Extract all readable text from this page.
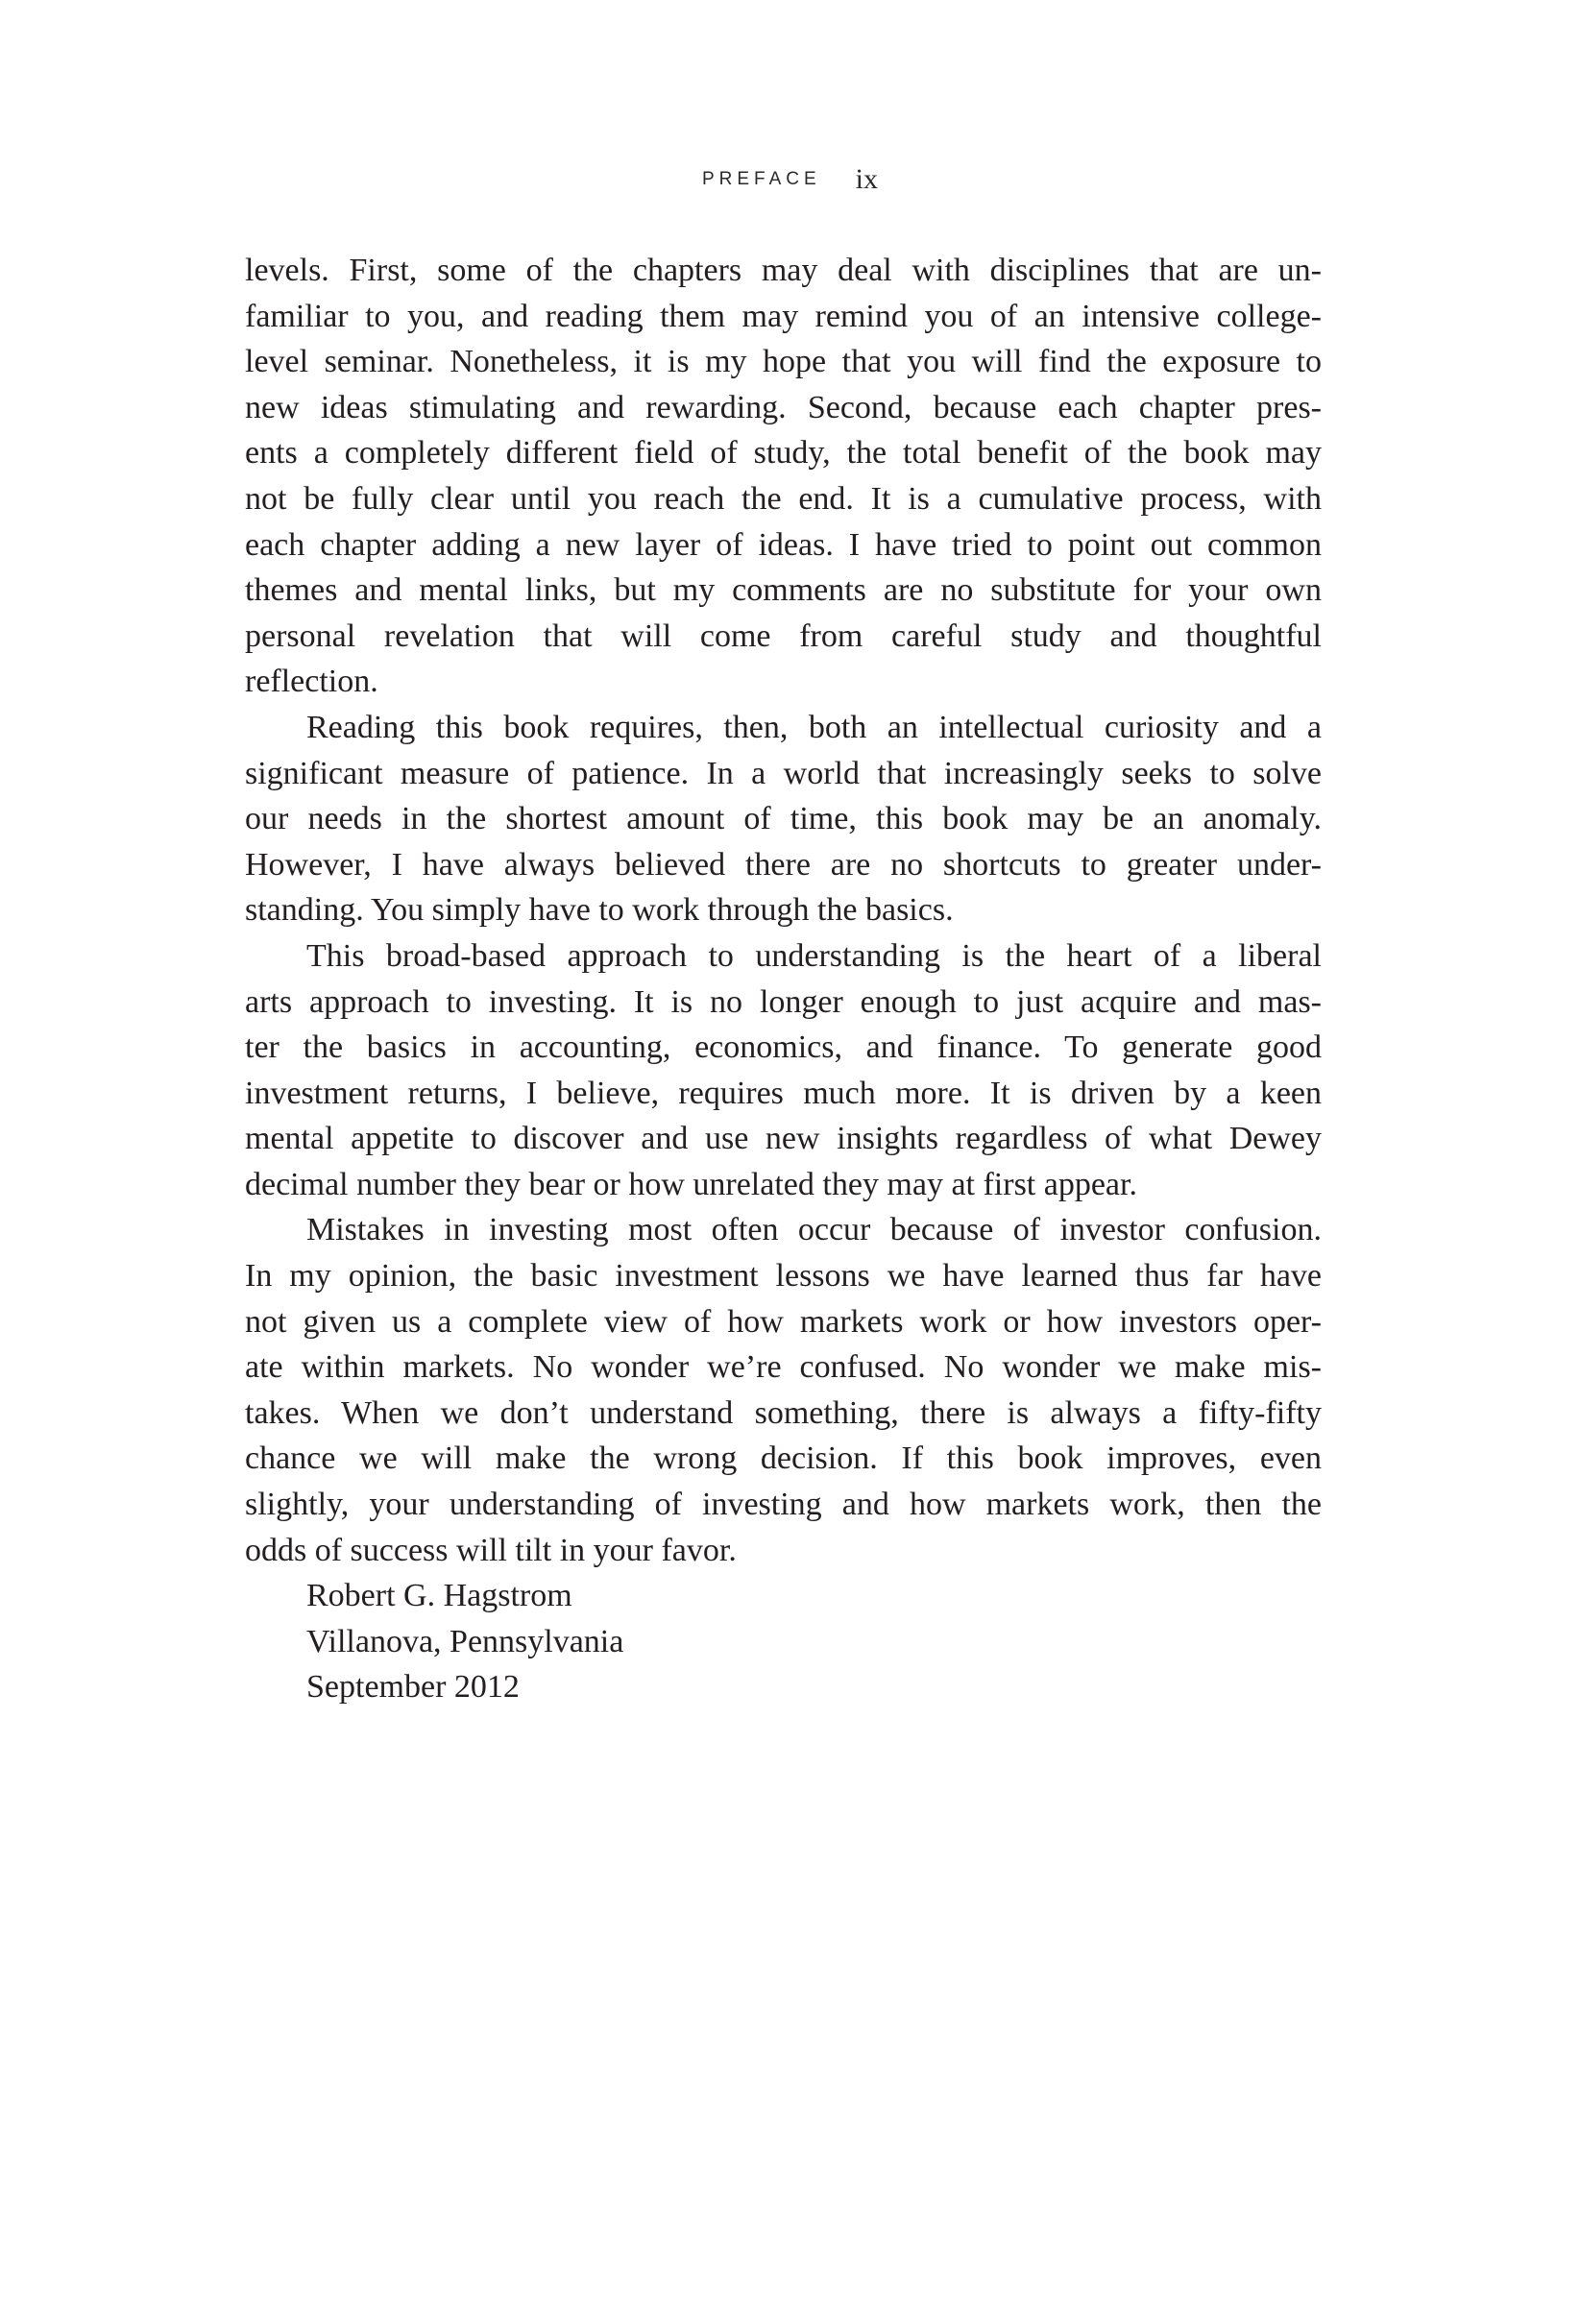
PREFACE ix
levels. First, some of the chapters may deal with disciplines that are un-
familiar to you, and reading them may remind you of an intensive college-
level seminar. Nonetheless, it is my hope that you will find the exposure to
new ideas stimulating and rewarding. Second, because each chapter pres-
ents a completely different field of study, the total benefit of the book may
not be fully clear until you reach the end. It is a cumulative process, with
each chapter adding a new layer of ideas. I have tried to point out common
themes and mental links, but my comments are no substitute for your own
personal revelation that will come from careful study and thoughtful
reflection.
Reading this book requires, then, both an intellectual curiosity and a
significant measure of patience. In a world that increasingly seeks to solve
our needs in the shortest amount of time, this book may be an anomaly.
However, I have always believed there are no shortcuts to greater under-
standing. You simply have to work through the basics.
This broad-based approach to understanding is the heart of a liberal
arts approach to investing. It is no longer enough to just acquire and mas-
ter the basics in accounting, economics, and finance. To generate good
investment returns, I believe, requires much more. It is driven by a keen
mental appetite to discover and use new insights regardless of what Dewey
decimal number they bear or how unrelated they may at first appear.
Mistakes in investing most often occur because of investor confusion.
In my opinion, the basic investment lessons we have learned thus far have
not given us a complete view of how markets work or how investors oper-
ate within markets. No wonder we’re confused. No wonder we make mis-
takes. When we don’t understand something, there is always a fifty-fifty
chance we will make the wrong decision. If this book improves, even
slightly, your understanding of investing and how markets work, then the
odds of success will tilt in your favor.
Robert G. Hagstrom
Villanova, Pennsylvania
September 2012
